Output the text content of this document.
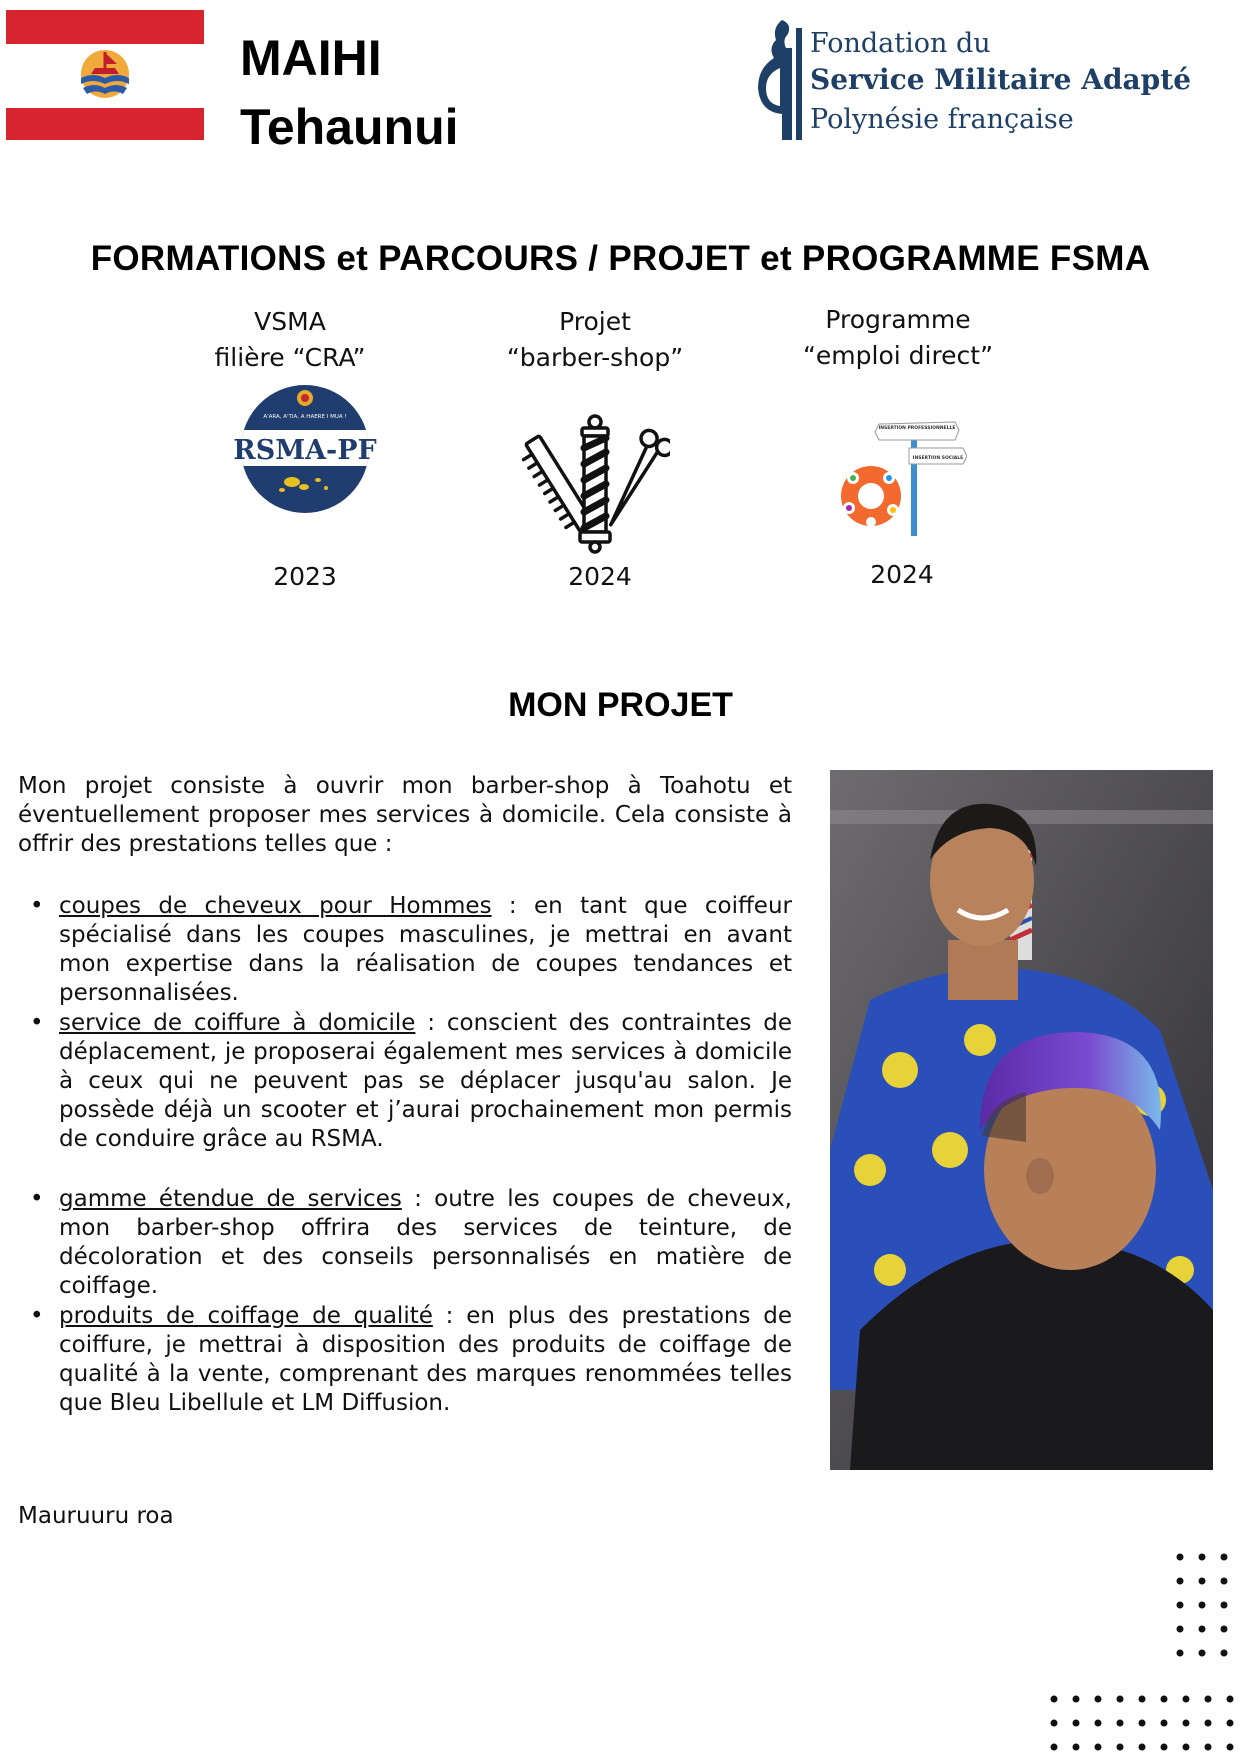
MAIHI
Tehaunui
Fondation du
Service Militaire Adapté
Polynésie française
FORMATIONS et PARCOURS / PROJET et PROGRAMME FSMA
VSMA
filière “CRA”
Projet
“barber-shop”
Programme
“emploi direct”
A'ARA, A'TIA, A HAERE I MUA !
RSMA-PF
INSERTION PROFESSIONNELLE
INSERTION SOCIALE
2023	2024	2024
MON PROJET
Mon projet consiste à ouvrir mon barber-shop à Toahotu et éventuellement proposer mes services à domicile. Cela consiste à offrir des prestations telles que :
• coupes de cheveux pour Hommes : en tant que coiffeur spécialisé dans les coupes masculines, je mettrai en avant mon expertise dans la réalisation de coupes tendances et personnalisées.
• service de coiffure à domicile : conscient des contraintes de déplacement, je proposerai également mes services à domicile à ceux qui ne peuvent pas se déplacer jusqu'au salon. Je possède déjà un scooter et j’aurai prochainement mon permis de conduire grâce au RSMA.
• gamme étendue de services : outre les coupes de cheveux, mon barber-shop offrira des services de teinture, de décoloration et des conseils personnalisés en matière de coiffage.
• produits de coiffage de qualité : en plus des prestations de coiffure, je mettrai à disposition des produits de coiffage de qualité à la vente, comprenant des marques renommées telles que Bleu Libellule et LM Diffusion.
Mauruuru roa
